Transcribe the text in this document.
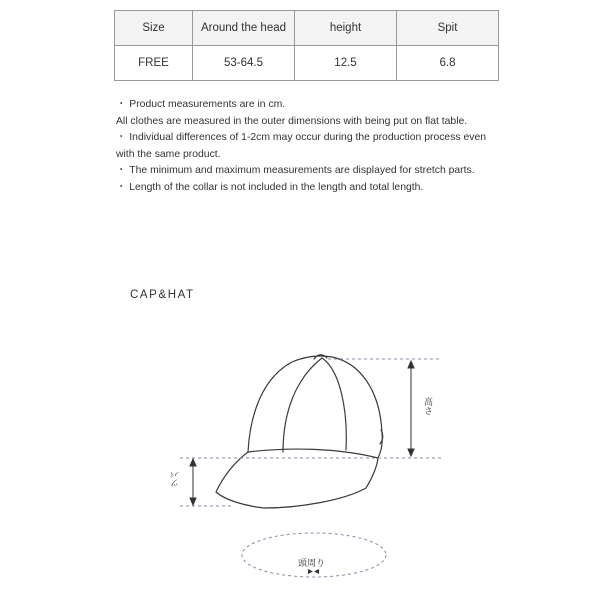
Size	Around the head	height	Spit
FREE	53-64.5	12.5	6.8
・ Product measurements are in cm.
All clothes are measured in the outer dimensions with being put on flat table.
・ Individual differences of 1-2cm may occur during the production process even with the same product.
・ The minimum and maximum measurements are displayed for stretch parts.
・ Length of the collar is not included in the length and total length.
CAP&HAT
高さ
ツバ
頭周り
